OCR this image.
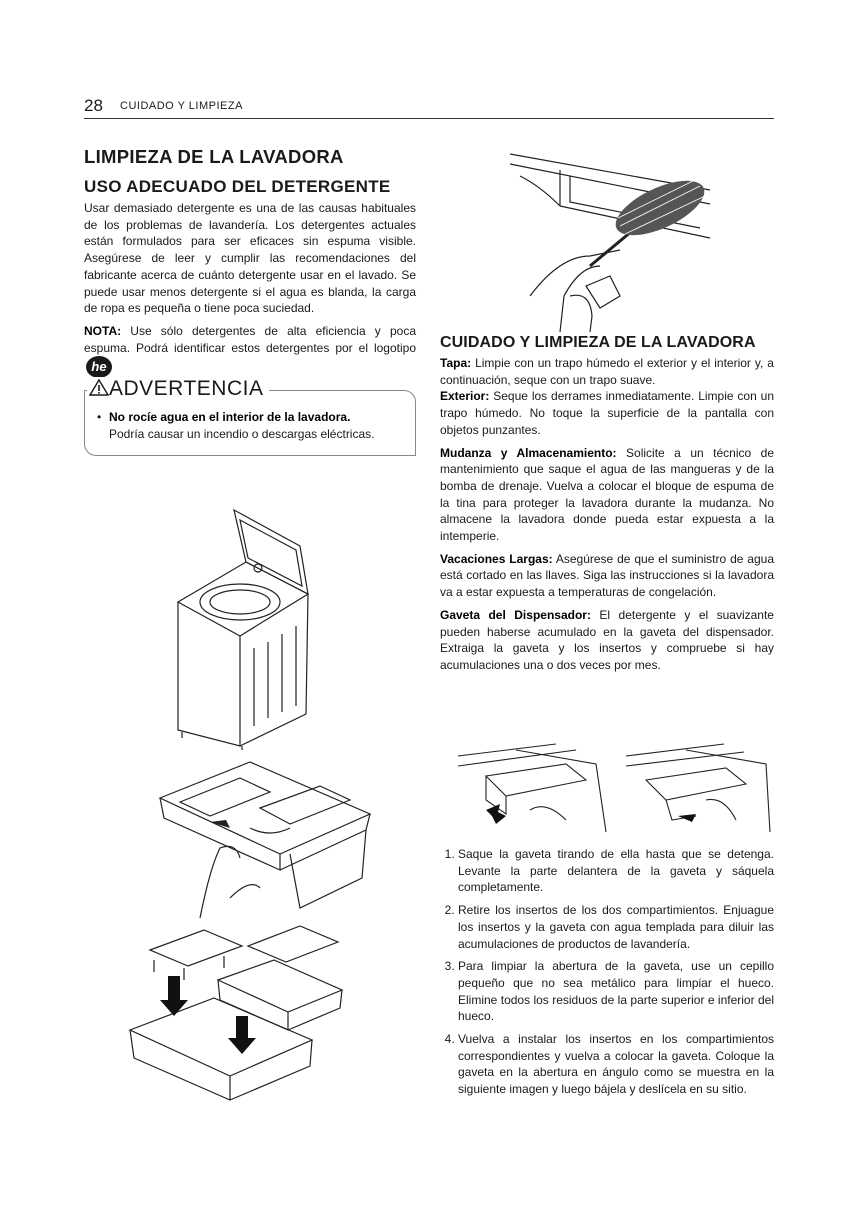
28 CUIDADO Y LIMPIEZA
LIMPIEZA DE LA LAVADORA
USO ADECUADO DEL DETERGENTE

Usar demasiado detergente es una de las causas habituales de los problemas de lavandería. Los detergentes actuales están formulados para ser eficaces sin espuma visible. Asegúrese de leer y cumplir las recomendaciones del fabricante acerca de cuánto detergente usar en el lavado. Se puede usar menos detergente si el agua es blanda, la carga de ropa es pequeña o tiene poca suciedad.

NOTA: Use sólo detergentes de alta eficiencia y poca espuma. Podrá identificar estos detergentes por el logotipo he

ADVERTENCIA
• No rocíe agua en el interior de la lavadora.
Podría causar un incendio o descargas eléctricas.
CUIDADO Y LIMPIEZA DE LA LAVADORA

Tapa: Limpie con un trapo húmedo el exterior y el interior y, a continuación, seque con un trapo suave.

Exterior: Seque los derrames inmediatamente. Limpie con un trapo húmedo. No toque la superficie de la pantalla con objetos punzantes.

Mudanza y Almacenamiento: Solicite a un técnico de mantenimiento que saque el agua de las mangueras y de la bomba de drenaje. Vuelva a colocar el bloque de espuma de la tina para proteger la lavadora durante la mudanza. No almacene la lavadora donde pueda estar expuesta a la intemperie.

Vacaciones Largas: Asegúrese de que el suministro de agua está cortado en las llaves. Siga las instrucciones si la lavadora va a estar expuesta a temperaturas de congelación.

Gaveta del Dispensador: El detergente y el suavizante pueden haberse acumulado en la gaveta del dispensador. Extraiga la gaveta y los insertos y compruebe si hay acumulaciones una o dos veces por mes.

1. Saque la gaveta tirando de ella hasta que se detenga. Levante la parte delantera de la gaveta y sáquela completamente.
2. Retire los insertos de los dos compartimientos. Enjuague los insertos y la gaveta con agua templada para diluir las acumulaciones de productos de lavandería.
3. Para limpiar la abertura de la gaveta, use un cepillo pequeño que no sea metálico para limpiar el hueco. Elimine todos los residuos de la parte superior e inferior del hueco.
4. Vuelva a instalar los insertos en los compartimientos correspondientes y vuelva a colocar la gaveta. Coloque la gaveta en la abertura en ángulo como se muestra en la siguiente imagen y luego bájela y deslícela en su sitio.
